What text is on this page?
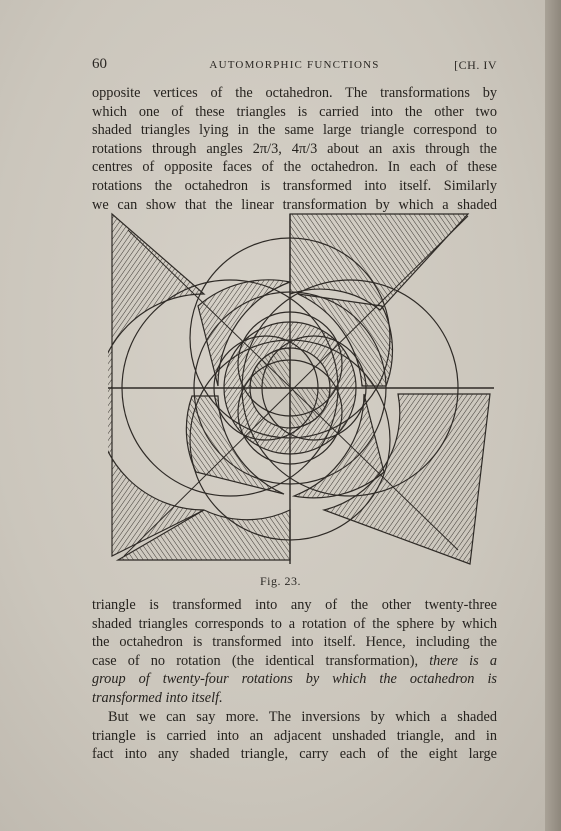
60	AUTOMORPHIC FUNCTIONS	[CH. IV
opposite vertices of the octahedron. The transformations by
which one of these triangles is carried into the other two
shaded triangles lying in the same large triangle correspond to
rotations through angles 2π/3, 4π/3 about an axis through the
centres of opposite faces of the octahedron. In each of these
rotations the octahedron is transformed into itself. Similarly
we can show that the linear transformation by which a shaded
Fig. 23.
triangle is transformed into any of the other twenty-three
shaded triangles corresponds to a rotation of the sphere by which
the octahedron is transformed into itself. Hence, including the
case of no rotation (the identical transformation), there is a
group of twenty-four rotations by which the octahedron is
transformed into itself.
But we can say more. The inversions by which a shaded
triangle is carried into an adjacent unshaded triangle, and in
fact into any shaded triangle, carry each of the eight large
